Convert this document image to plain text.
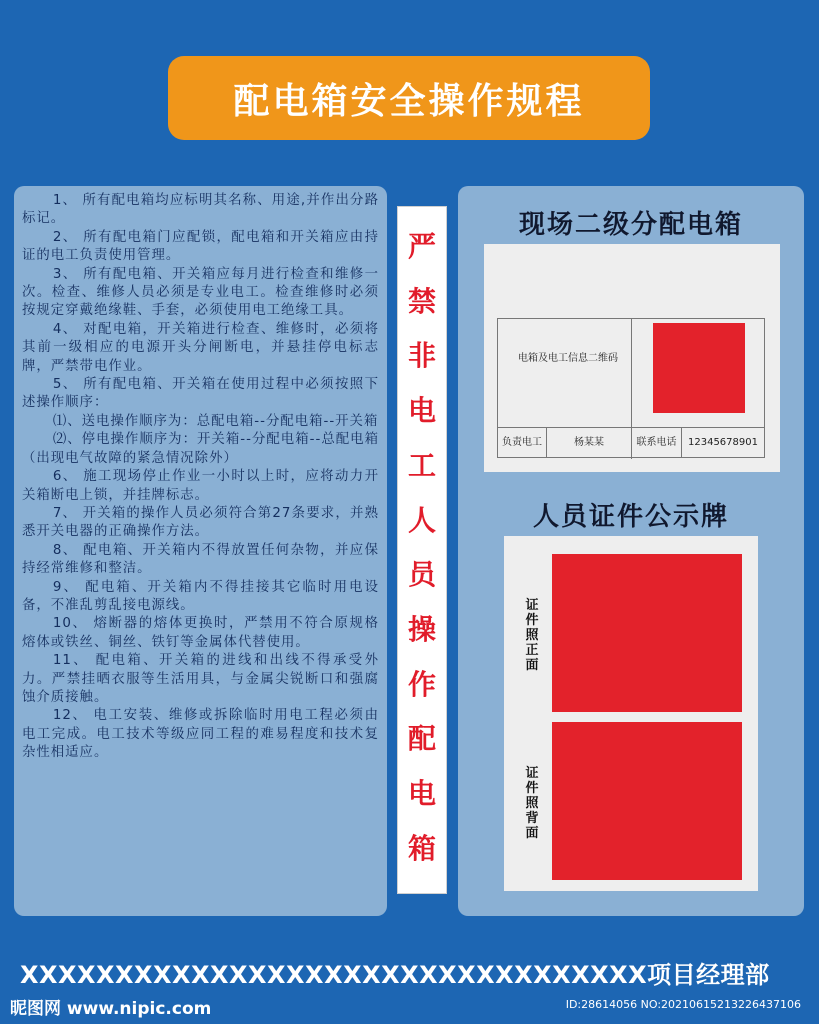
配电箱安全操作规程

1、 所有配电箱均应标明其名称、用途,并作出分路标记。

2、 所有配电箱门应配锁，配电箱和开关箱应由持证的电工负责使用管理。

3、 所有配电箱、开关箱应每月进行检查和维修一次。检查、维修人员必须是专业电工。检查维修时必须按规定穿戴绝缘鞋、手套，必须使用电工绝缘工具。

4、 对配电箱，开关箱进行检查、维修时，必须将其前一级相应的电源开头分闸断电，并悬挂停电标志牌，严禁带电作业。

5、 所有配电箱、开关箱在使用过程中必须按照下述操作顺序：

⑴、送电操作顺序为：总配电箱--分配电箱--开关箱

⑵、停电操作顺序为：开关箱--分配电箱--总配电箱（出现电气故障的紧急情况除外）

6、 施工现场停止作业一小时以上时，应将动力开关箱断电上锁，并挂牌标志。

7、 开关箱的操作人员必须符合第27条要求，并熟悉开关电器的正确操作方法。

8、 配电箱、开关箱内不得放置任何杂物，并应保持经常维修和整洁。

9、 配电箱、开关箱内不得挂接其它临时用电设备，不准乱剪乱接电源线。

10、 熔断器的熔体更换时，严禁用不符合原规格熔体或铁丝、铜丝、铁钉等金属体代替使用。

11、 配电箱、开关箱的进线和出线不得承受外力。严禁挂晒衣服等生活用具，与金属尖锐断口和强腐蚀介质接触。

12、 电工安装、维修或拆除临时用电工程必须由电工完成。电工技术等级应同工程的难易程度和技术复杂性相适应。

严
禁
非
电
工
人
员
操
作
配
电
箱
现场二级分配电箱
电箱及电工信息二维码
负责电工	杨某某	联系电话	12345678901
人员证件公示牌
证件照正面
证件照背面
XXXXXXXXXXXXXXXXXXXXXXXXXXXXXXXXX项目经理部
昵图网 www.nipic.com	ID:28614056 NO:20210615213226437106
